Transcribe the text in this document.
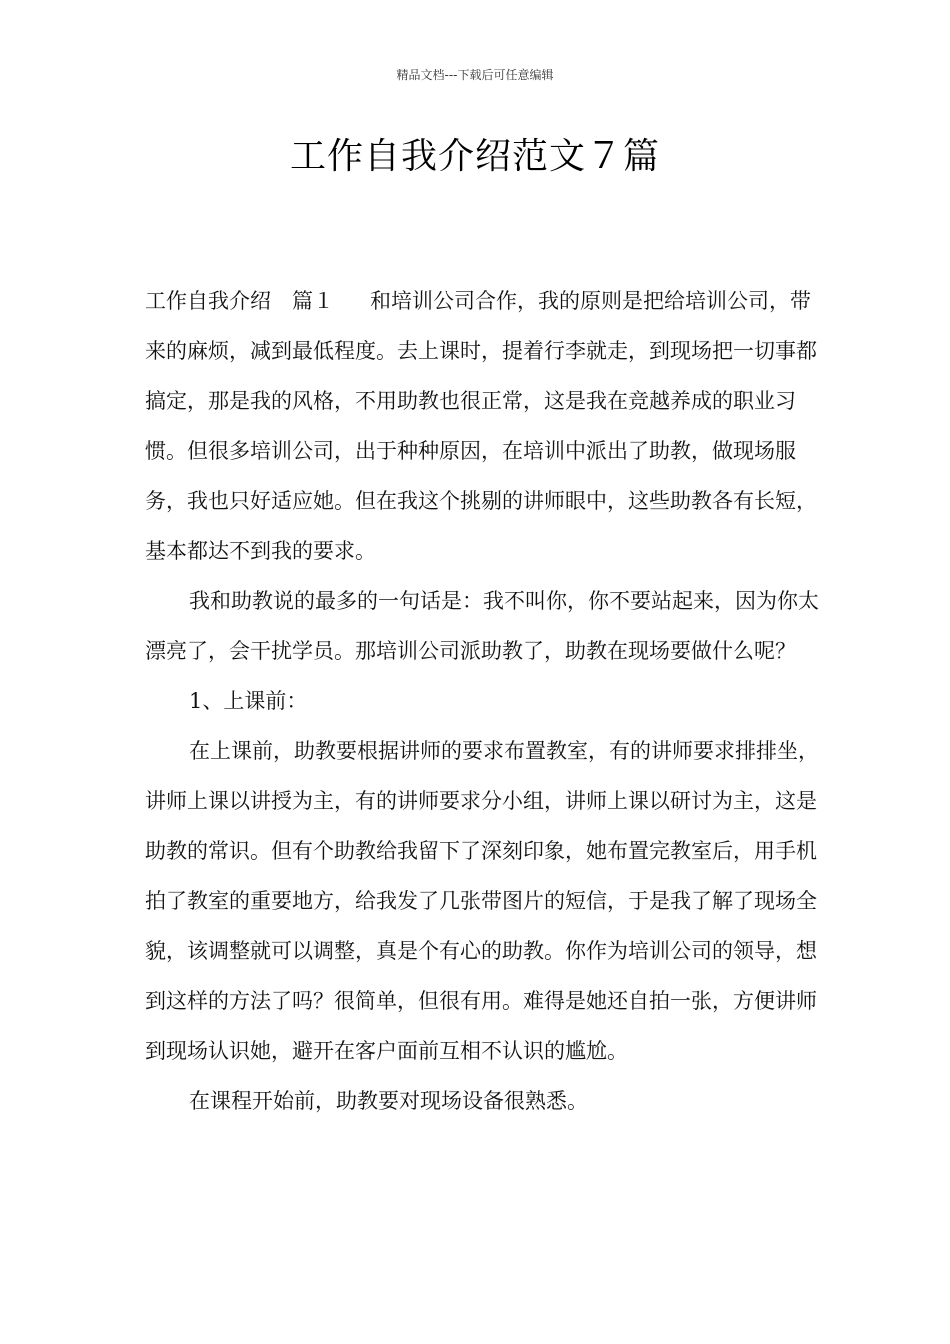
精品文档---下载后可任意编辑
工作自我介绍范文７篇

工作自我介绍　篇１ 和培训公司合作，我的原则是把给培训公司，带来的麻烦，减到最低程度。去上课时，提着行李就走，到现场把一切事都搞定，那是我的风格，不用助教也很正常，这是我在竞越养成的职业习惯。但很多培训公司，出于种种原因，在培训中派出了助教，做现场服务，我也只好适应她。但在我这个挑剔的讲师眼中，这些助教各有长短，基本都达不到我的要求。

我和助教说的最多的一句话是：我不叫你，你不要站起来，因为你太漂亮了，会干扰学员。那培训公司派助教了，助教在现场要做什么呢？

1、上课前：

在上课前，助教要根据讲师的要求布置教室，有的讲师要求排排坐，讲师上课以讲授为主，有的讲师要求分小组，讲师上课以研讨为主，这是助教的常识。但有个助教给我留下了深刻印象，她布置完教室后，用手机拍了教室的重要地方，给我发了几张带图片的短信，于是我了解了现场全貌，该调整就可以调整，真是个有心的助教。你作为培训公司的领导，想到这样的方法了吗？很简单，但很有用。难得是她还自拍一张，方便讲师到现场认识她，避开在客户面前互相不认识的尴尬。

在课程开始前，助教要对现场设备很熟悉。
